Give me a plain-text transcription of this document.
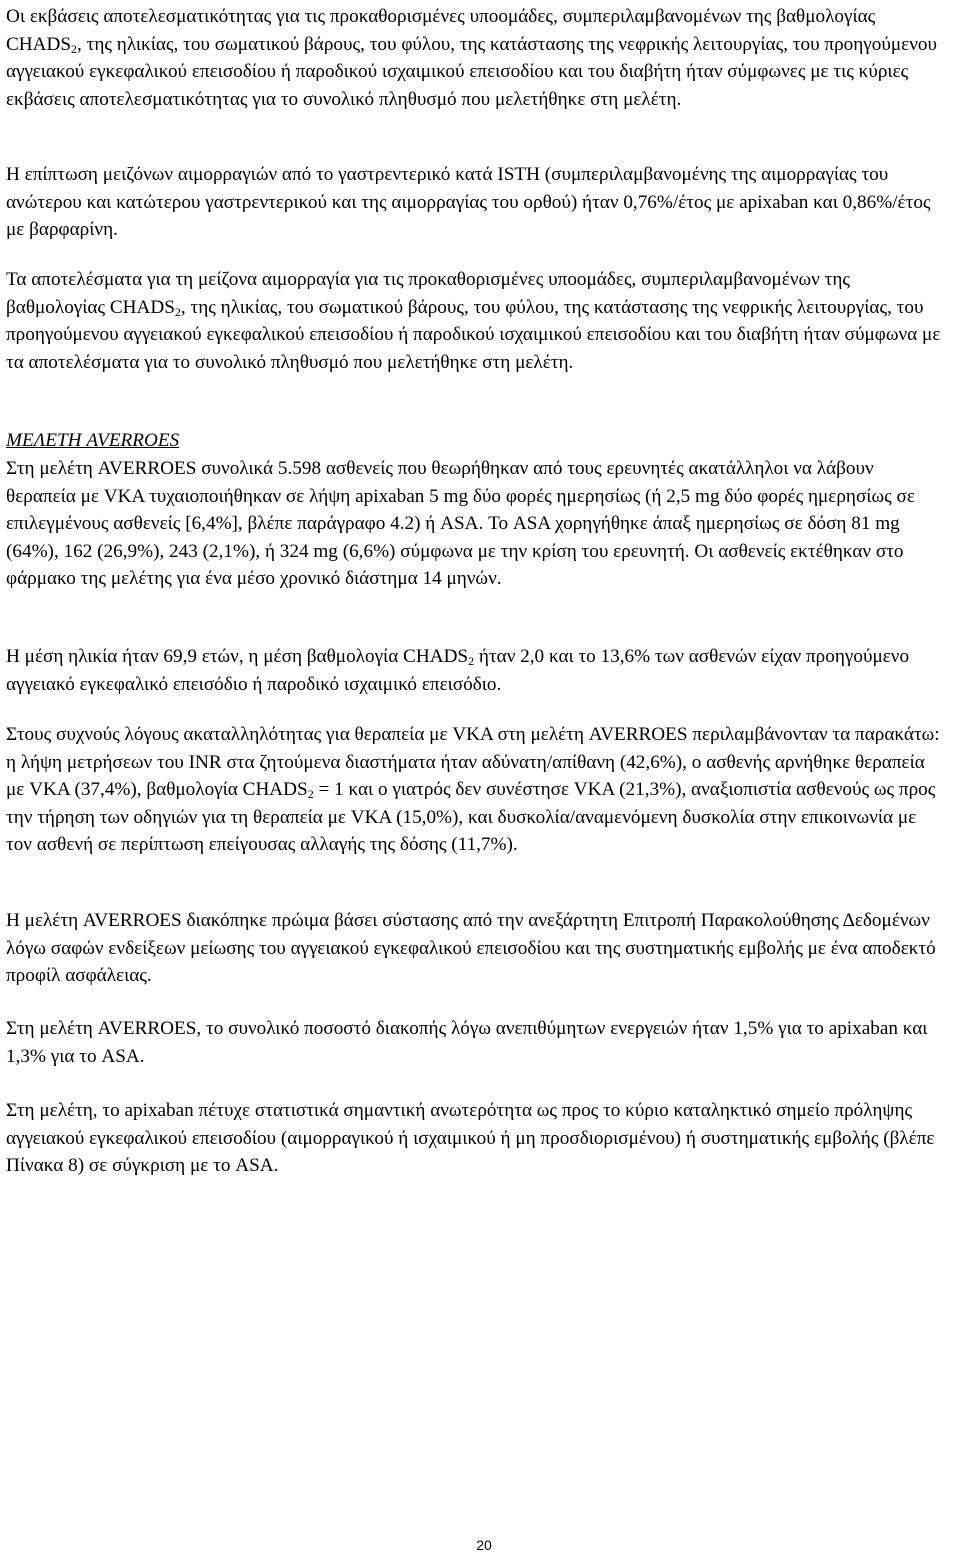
Οι εκβάσεις αποτελεσματικότητας για τις προκαθορισμένες υποομάδες, συμπεριλαμβανομένων της βαθμολογίας $CHADS_2$, της ηλικίας, του σωματικού βάρους, του φύλου, της κατάστασης της νεφρικής λειτουργίας, του προηγούμενου αγγειακού εγκεφαλικού επεισοδίου ή παροδικού ισχαιμικού επεισοδίου και του διαβήτη ήταν σύμφωνες με τις κύριες εκβάσεις αποτελεσματικότητας για το συνολικό πληθυσμό που μελετήθηκε στη μελέτη.

Η επίπτωση μειζόνων αιμορραγιών από το γαστρεντερικό κατά ISTH (συμπεριλαμβανομένης της αιμορραγίας του ανώτερου και κατώτερου γαστρεντερικού και της αιμορραγίας του ορθού) ήταν 0,76%/έτος με apixaban και 0,86%/έτος με βαρφαρίνη.

Τα αποτελέσματα για τη μείζονα αιμορραγία για τις προκαθορισμένες υποομάδες, συμπεριλαμβανομένων της βαθμολογίας $CHADS_2$, της ηλικίας, του σωματικού βάρους, του φύλου, της κατάστασης της νεφρικής λειτουργίας, του προηγούμενου αγγειακού εγκεφαλικού επεισοδίου ή παροδικού ισχαιμικού επεισοδίου και του διαβήτη ήταν σύμφωνα με τα αποτελέσματα για το συνολικό πληθυσμό που μελετήθηκε στη μελέτη.

ΜΕΛΕΤΗ AVERROES

Στη μελέτη AVERROES συνολικά 5.598 ασθενείς που θεωρήθηκαν από τους ερευνητές ακατάλληλοι να λάβουν θεραπεία με VKA τυχαιοποιήθηκαν σε λήψη apixaban 5 mg δύο φορές ημερησίως (ή 2,5 mg δύο φορές ημερησίως σε επιλεγμένους ασθενείς [6,4%], βλέπε παράγραφο 4.2) ή ASA. Το ASA χορηγήθηκε άπαξ ημερησίως σε δόση 81 mg (64%), 162 (26,9%), 243 (2,1%), ή 324 mg (6,6%) σύμφωνα με την κρίση του ερευνητή. Οι ασθενείς εκτέθηκαν στο φάρμακο της μελέτης για ένα μέσο χρονικό διάστημα 14 μηνών.

Η μέση ηλικία ήταν 69,9 ετών, η μέση βαθμολογία $CHADS_2$ ήταν 2,0 και το 13,6% των ασθενών είχαν προηγούμενο αγγειακό εγκεφαλικό επεισόδιο ή παροδικό ισχαιμικό επεισόδιο.

Στους συχνούς λόγους ακαταλληλότητας για θεραπεία με VKA στη μελέτη AVERROES περιλαμβάνονταν τα παρακάτω: η λήψη μετρήσεων του INR στα ζητούμενα διαστήματα ήταν αδύνατη/απίθανη (42,6%), ο ασθενής αρνήθηκε θεραπεία με VKA (37,4%), βαθμολογία $CHADS_2 = 1$ και ο γιατρός δεν συνέστησε VKA (21,3%), αναξιοπιστία ασθενούς ως προς την τήρηση των οδηγιών για τη θεραπεία με VKA (15,0%), και δυσκολία/αναμενόμενη δυσκολία στην επικοινωνία με τον ασθενή σε περίπτωση επείγουσας αλλαγής της δόσης (11,7%).

Η μελέτη AVERROES διακόπηκε πρώιμα βάσει σύστασης από την ανεξάρτητη Επιτροπή Παρακολούθησης Δεδομένων λόγω σαφών ενδείξεων μείωσης του αγγειακού εγκεφαλικού επεισοδίου και της συστηματικής εμβολής με ένα αποδεκτό προφίλ ασφάλειας.

Στη μελέτη AVERROES, το συνολικό ποσοστό διακοπής λόγω ανεπιθύμητων ενεργειών ήταν 1,5% για το apixaban και 1,3% για το ASA.

Στη μελέτη, το apixaban πέτυχε στατιστικά σημαντική ανωτερότητα ως προς το κύριο καταληκτικό σημείο πρόληψης αγγειακού εγκεφαλικού επεισοδίου (αιμορραγικού ή ισχαιμικού ή μη προσδιορισμένου) ή συστηματικής εμβολής (βλέπε Πίνακα 8) σε σύγκριση με το ASA.

20
